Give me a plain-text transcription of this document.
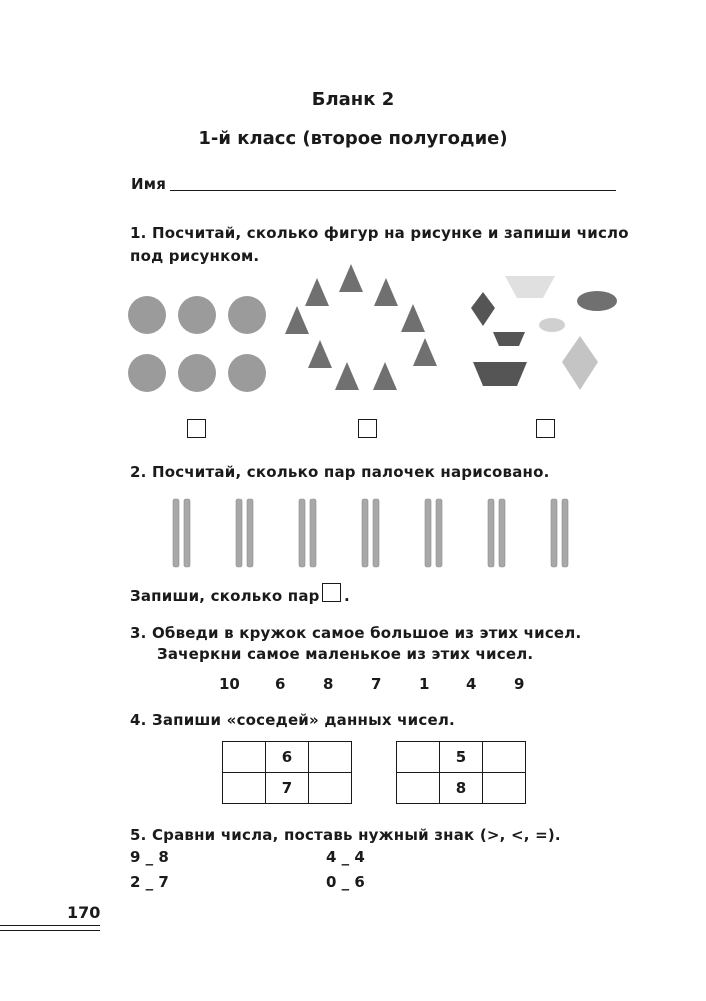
Бланк 2
1-й класс (второе полугодие)
Имя
1. Посчитай, сколько фигур на рисунке и запиши число
под рисунком.
2. Посчитай, сколько пар палочек нарисовано.
Запиши, сколько пар .
3. Обведи в кружок самое большое из этих чисел.
Зачеркни самое маленькое из этих чисел.
10 6	8	7	1 4	9
4. Запиши «соседей» данных чисел.
	6	
	7	
	5	
	8	
5. Сравни числа, поставь нужный знак (>, <, =).
9 _ 8	4 _ 4
2 _ 7	0 _ 6
170
